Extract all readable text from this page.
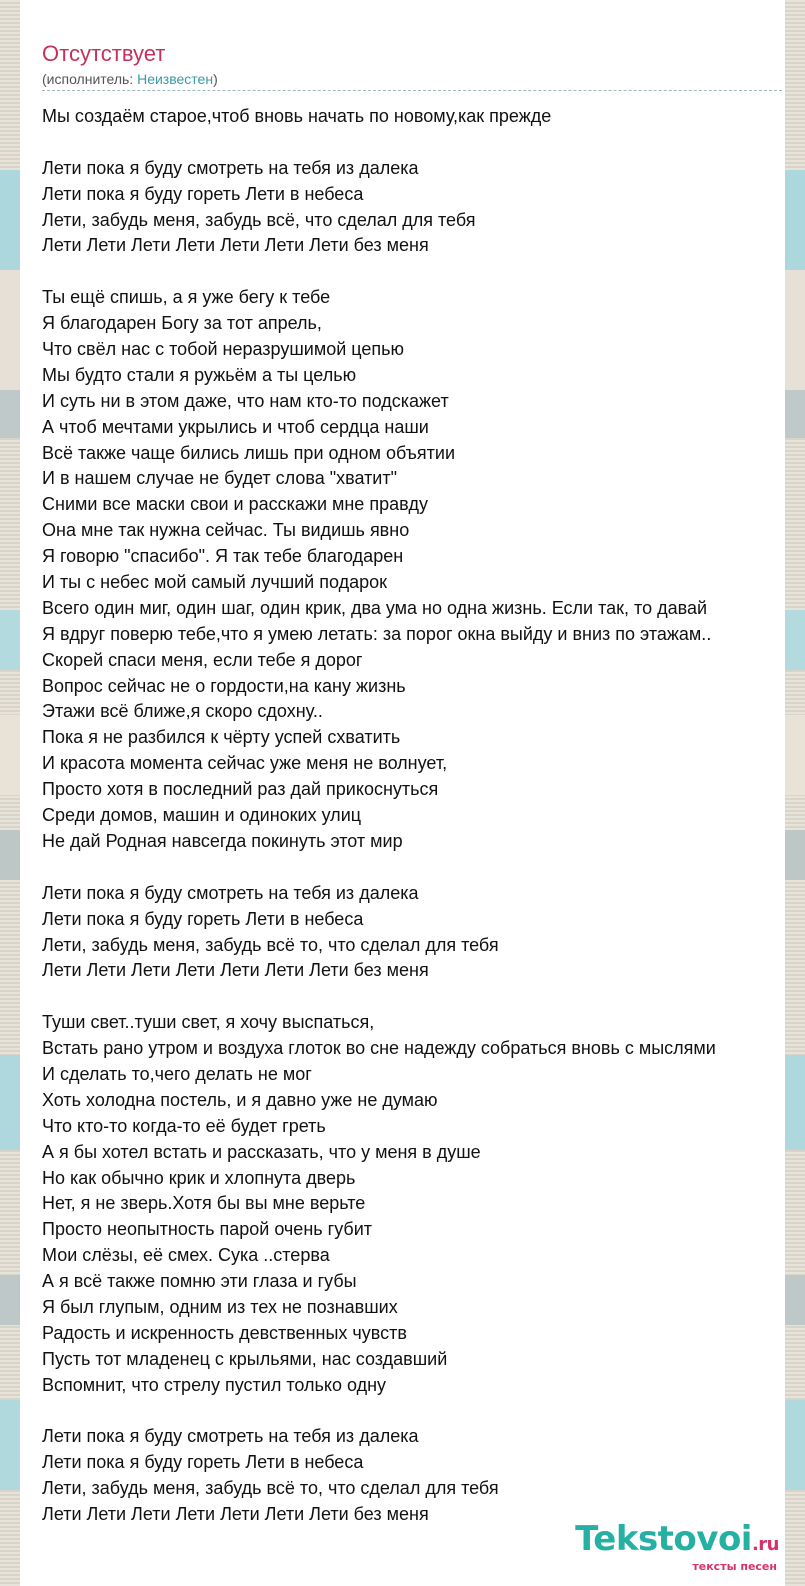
Отсутствует
(исполнитель: Неизвестен)
Мы создаём старое,чтоб вновь начать по новому,как прежде
Лети пока я буду смотреть на тебя из далека
Лети пока я буду гореть Лети в небеса
Лети, забудь меня, забудь всё, что сделал для тебя
Лети Лети Лети Лети Лети Лети Лети без меня
Ты ещё спишь, а я уже бегу к тебе
Я благодарен Богу за тот апрель,
Что свёл нас с тобой неразрушимой цепью
Мы будто стали я ружьём а ты целью
И суть ни в этом даже, что нам кто-то подскажет
А чтоб мечтами укрылись и чтоб сердца наши
Всё также чаще бились лишь при одном объятии
И в нашем случае не будет слова "хватит"
Сними все маски свои и расскажи мне правду
Она мне так нужна сейчас. Ты видишь явно
Я говорю "спасибо". Я так тебе благодарен
И ты с небес мой самый лучший подарок
Всего один миг, один шаг, один крик, два ума но одна жизнь. Если так, то давай
Я вдруг поверю тебе,что я умею летать: за порог окна выйду и вниз по этажам..
Скорей спаси меня, если тебе я дорог
Вопрос сейчас не о гордости,на кану жизнь
Этажи всё ближе,я скоро сдохну..
Пока я не разбился к чёрту успей схватить
И красота момента сейчас уже меня не волнует,
Просто хотя в последний раз дай прикоснуться
Среди домов, машин и одиноких улиц
Не дай Родная навсегда покинуть этот мир
Лети пока я буду смотреть на тебя из далека
Лети пока я буду гореть Лети в небеса
Лети, забудь меня, забудь всё то, что сделал для тебя
Лети Лети Лети Лети Лети Лети Лети без меня
Туши свет..туши свет, я хочу выспаться,
Встать рано утром и воздуха глоток во сне надежду собраться вновь с мыслями
И сделать то,чего делать не мог
Хоть холодна постель, и я давно уже не думаю
Что кто-то когда-то её будет греть
А я бы хотел встать и рассказать, что у меня в душе
Но как обычно крик и хлопнута дверь
Нет, я не зверь.Хотя бы вы мне верьте
Просто неопытность парой очень губит
Мои слёзы, её смех. Сука ..стерва
А я всё также помню эти глаза и губы
Я был глупым, одним из тех не познавших
Радость и искренность девственных чувств
Пусть тот младенец с крыльями, нас создавший
Вспомнит, что стрелу пустил только одну
Лети пока я буду смотреть на тебя из далека
Лети пока я буду гореть Лети в небеса
Лети, забудь меня, забудь всё то, что сделал для тебя
Лети Лети Лети Лети Лети Лети Лети без меня
Tekstovoi.ru
тексты песен
